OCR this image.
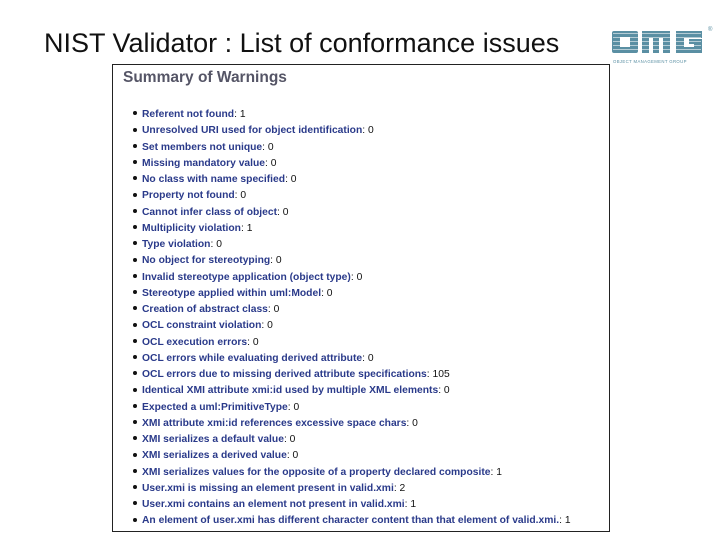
NIST Validator : List of conformance issues	®
OBJECT MANAGEMENT GROUP
Summary of Warnings
Referent not found: 1
Unresolved URI used for object identification: 0
Set members not unique: 0
Missing mandatory value: 0
No class with name specified: 0
Property not found: 0
Cannot infer class of object: 0
Multiplicity violation: 1
Type violation: 0
No object for stereotyping: 0
Invalid stereotype application (object type): 0
Stereotype applied within uml:Model: 0
Creation of abstract class: 0
OCL constraint violation: 0
OCL execution errors: 0
OCL errors while evaluating derived attribute: 0
OCL errors due to missing derived attribute specifications: 105
Identical XMI attribute xmi:id used by multiple XML elements: 0
Expected a uml:PrimitiveType: 0
XMI attribute xmi:id references excessive space chars: 0
XMI serializes a default value: 0
XMI serializes a derived value: 0
XMI serializes values for the opposite of a property declared composite: 1
User.xmi is missing an element present in valid.xmi: 2
User.xmi contains an element not present in valid.xmi: 1
An element of user.xmi has different character content than that element of valid.xmi.: 1
